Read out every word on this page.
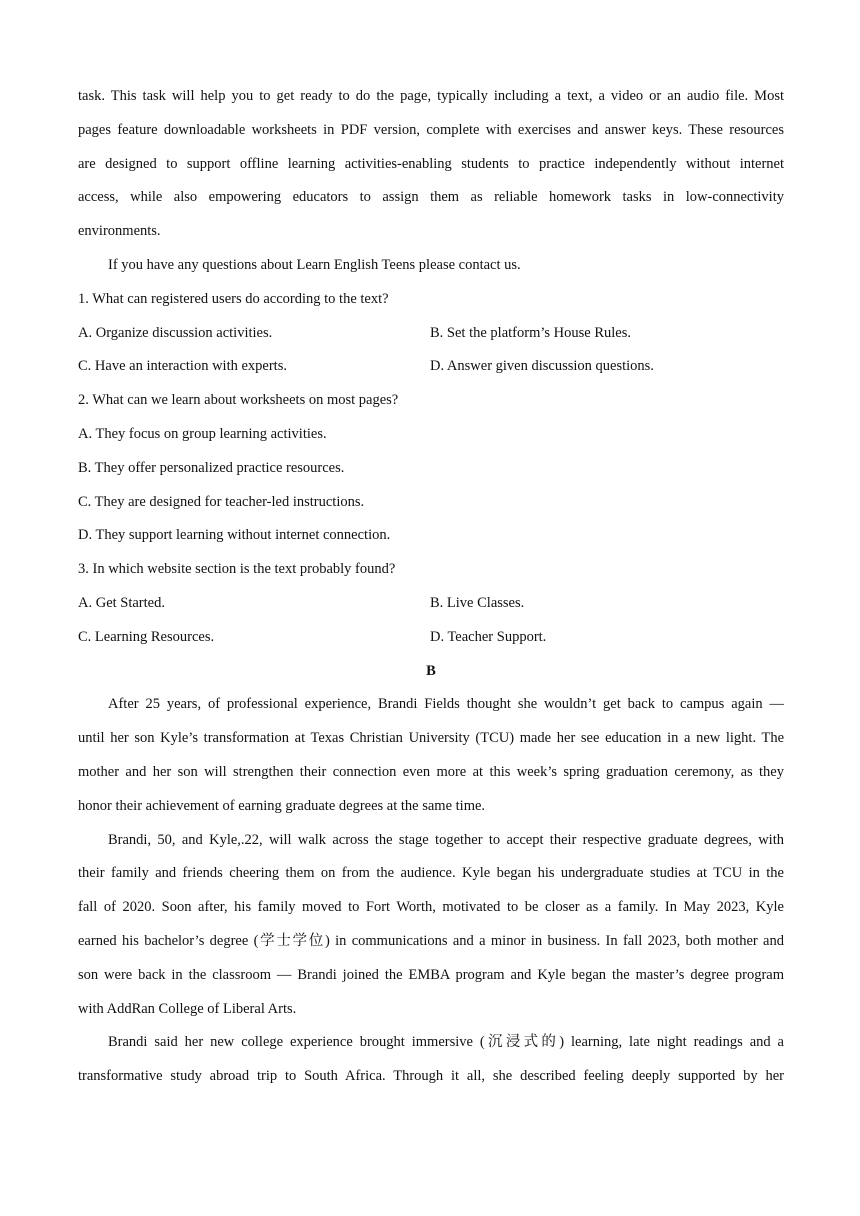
task. This task will help you to get ready to do the page, typically including a text, a video or an audio file. Most
pages feature downloadable worksheets in PDF version, complete with exercises and answer keys. These resources
are designed to support offline learning activities-enabling students to practice independently without internet
access, while also empowering educators to assign them as reliable homework tasks in low-connectivity
environments.
If you have any questions about Learn English Teens please contact us.
1. What can registered users do according to the text?
A. Organize discussion activities.	B. Set the platform’s House Rules.
C. Have an interaction with experts.	D. Answer given discussion questions.
2. What can we learn about worksheets on most pages?
A. They focus on group learning activities.
B. They offer personalized practice resources.
C. They are designed for teacher-led instructions.
D. They support learning without internet connection.
3. In which website section is the text probably found?
A. Get Started.	B. Live Classes.
C. Learning Resources.	D. Teacher Support.
B
After 25 years, of professional experience, Brandi Fields thought she wouldn’t get back to campus again —
until her son Kyle’s transformation at Texas Christian University (TCU) made her see education in a new light. The
mother and her son will strengthen their connection even more at this week’s spring graduation ceremony, as they
honor their achievement of earning graduate degrees at the same time.
Brandi, 50, and Kyle,.22, will walk across the stage together to accept their respective graduate degrees, with
their family and friends cheering them on from the audience. Kyle began his undergraduate studies at TCU in the
fall of 2020. Soon after, his family moved to Fort Worth, motivated to be closer as a family. In May 2023, Kyle
earned his bachelor’s degree (学士学位) in communications and a minor in business. In fall 2023, both mother and
son were back in the classroom — Brandi joined the EMBA program and Kyle began the master’s degree program
with AddRan College of Liberal Arts.
Brandi said her new college experience brought immersive (沉浸式的) learning, late night readings and a
transformative study abroad trip to South Africa. Through it all, she described feeling deeply supported by her
